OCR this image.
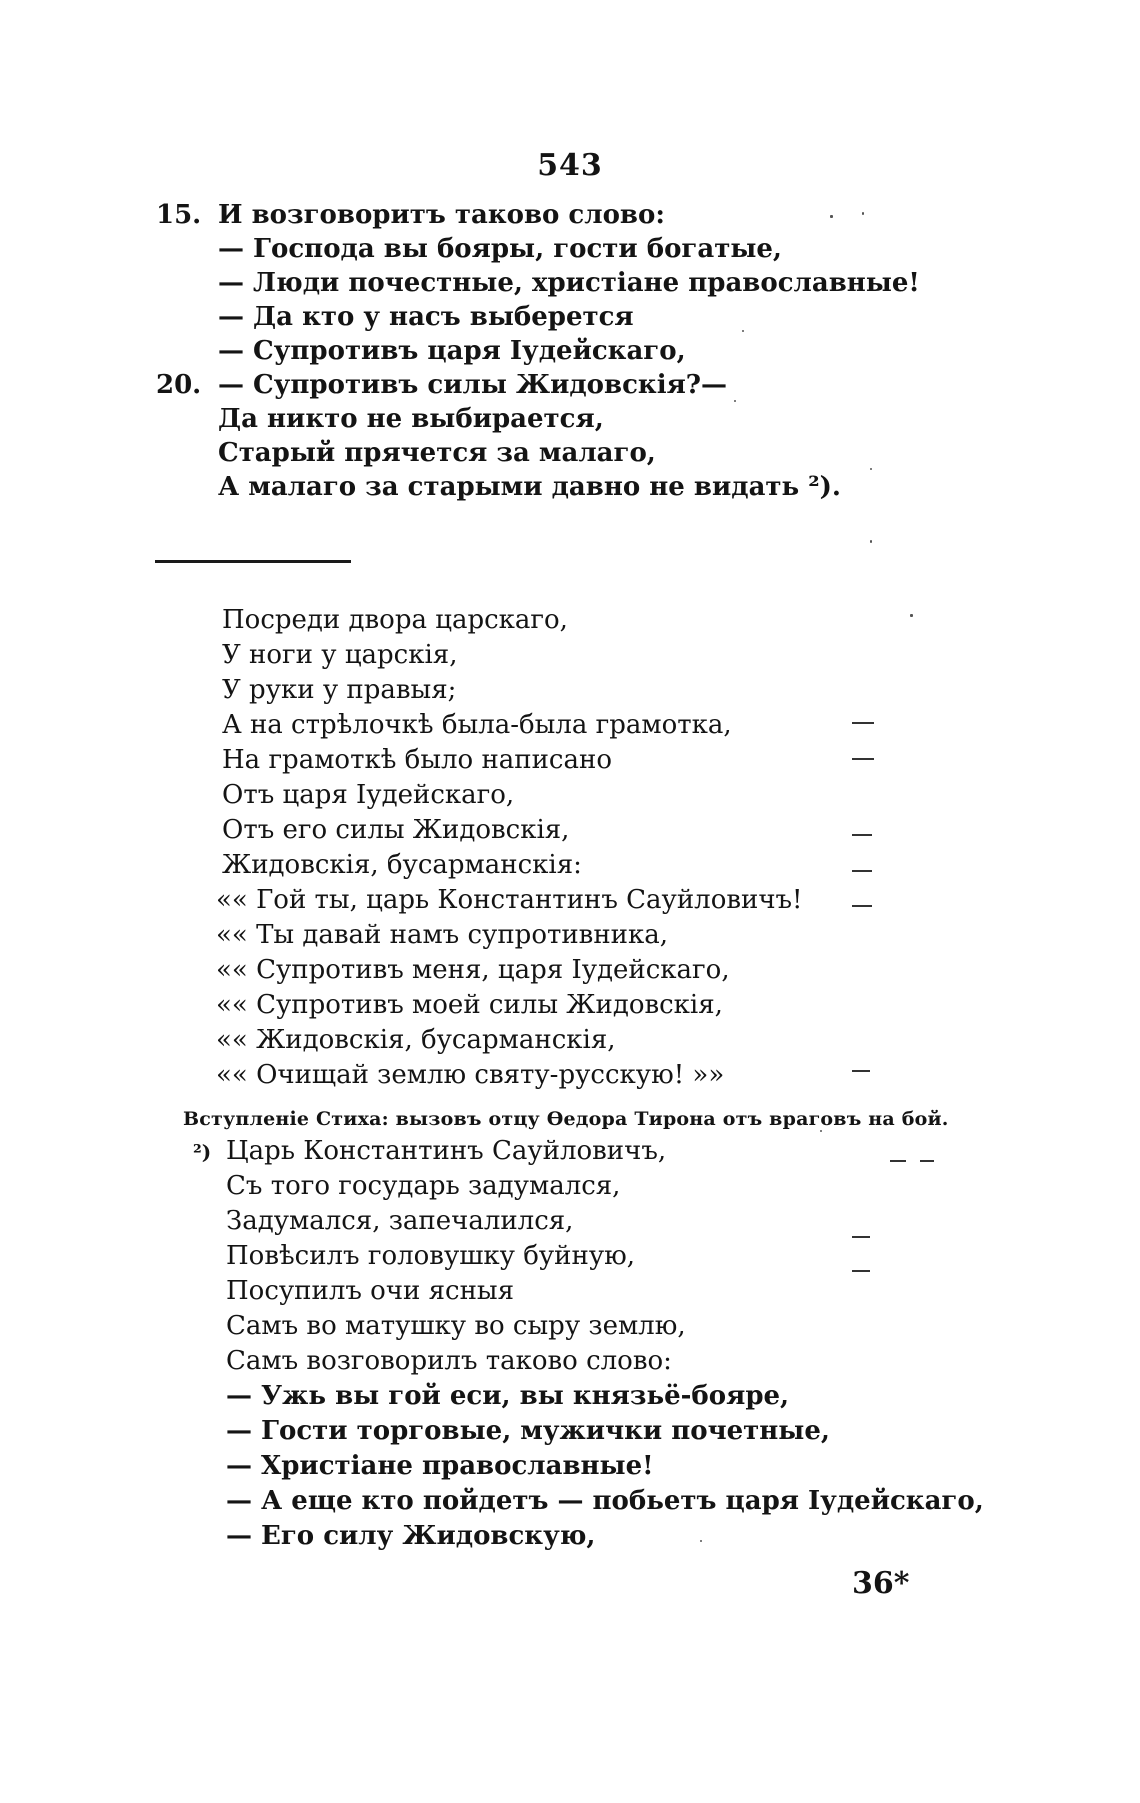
543
15. И возговоритъ таково слово:
— Господа вы бояры, гости богатые,
— Люди почестные, христіане православные!
— Да кто у насъ выберется
— Супротивъ царя Іудейскаго,
20. — Супротивъ силы Жидовскія?—
Да никто не выбирается,
Старый прячется за малаго,
А малаго за старыми давно не видать ²).
Посреди двора царскаго,
У ноги у царскія,
У руки у правыя;
А на стрѣлочкѣ была-была грамотка,
На грамоткѣ было написано
Отъ царя Іудейскаго,
Отъ его силы Жидовскія,
Жидовскія, бусарманскія:
«« Гой ты, царь Константинъ Сауйловичъ!
«« Ты давай намъ супротивника,
«« Супротивъ меня, царя Іудейскаго,
«« Супротивъ моей силы Жидовскія,
«« Жидовскія, бусарманскія,
«« Очищай землю святу-русскую! »»
Вступленіе Стиха: вызовъ отцу Өедора Тирона отъ враговъ на бой.
²) Царь Константинъ Сауйловичъ,
Съ того государь задумался,
Задумался, запечалился,
Повѣсилъ головушку буйную,
Посупилъ очи ясныя
Самъ во матушку во сыру землю,
Самъ возговорилъ таково слово:
— Ужь вы гой еси, вы князьё-бояре,
— Гости торговые, мужички почетные,
— Христіане православные!
— А еще кто пойдетъ — побьетъ царя Іудейскаго,
— Его силу Жидовскую,
36*
